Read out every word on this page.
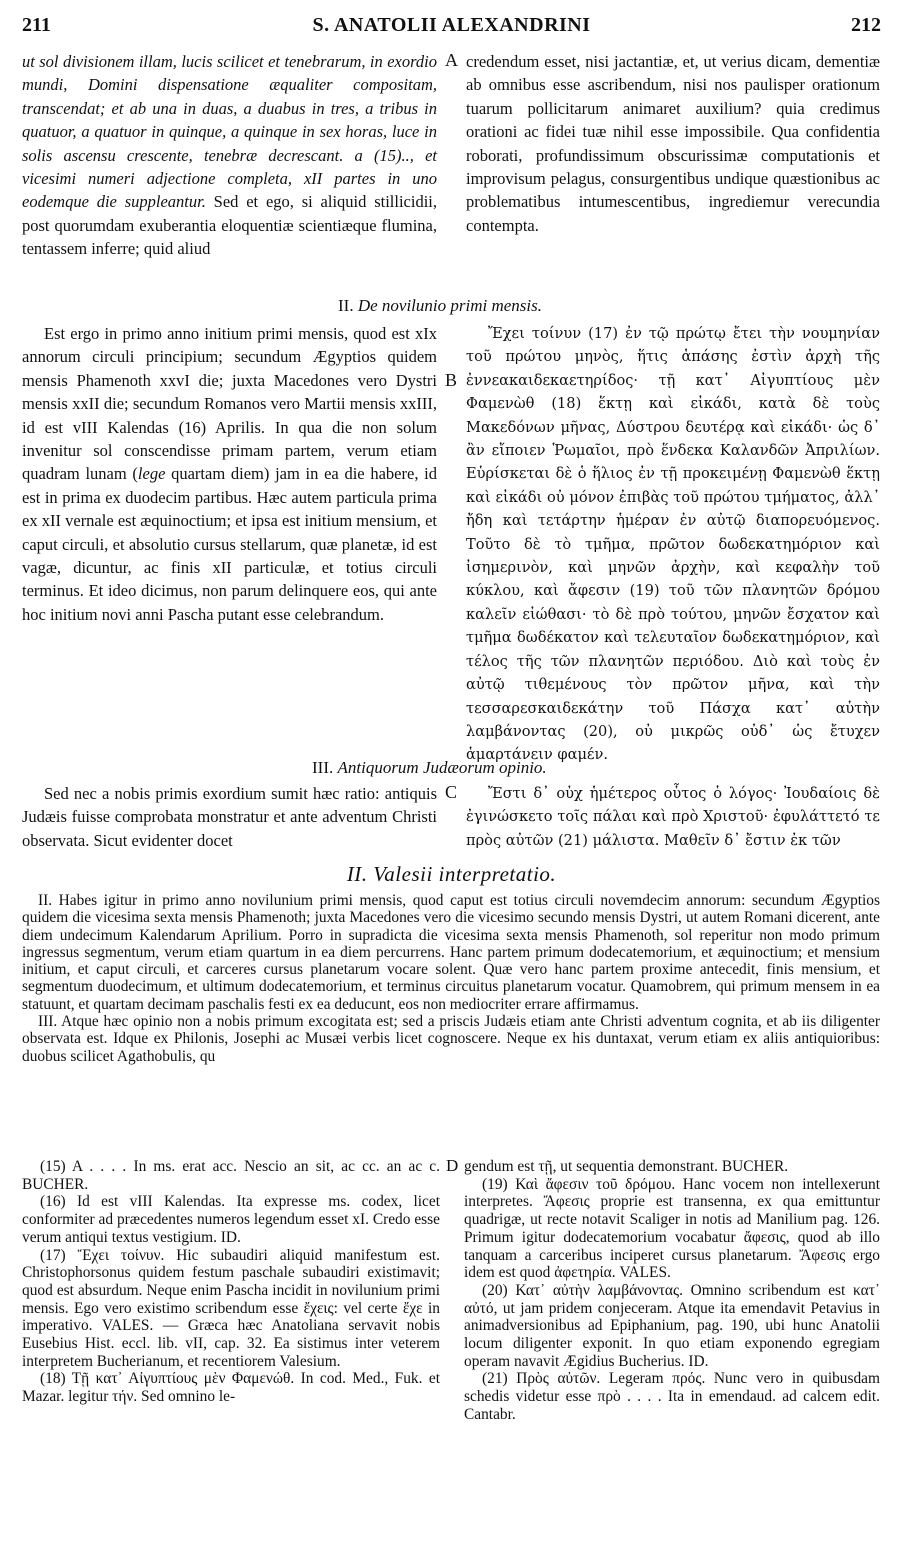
211	S. ANATOLII ALEXANDRINI	212

ut sol divisionem illam, lucis scilicet et tenebrarum, in exordio mundi, Domini dispensatione æqualiter compositam, transcendat; et ab una in duas, a duabus in tres, a tribus in quatuor, a quatuor in quinque, a quinque in sex horas, luce in solis ascensu crescente, tenebræ decrescant. a (15).., et vicesimi numeri adjectione completa, xII partes in uno eodemque die suppleantur. Sed et ego, si aliquid stillicidii, post quorumdam exuberantia eloquentiæ scientiæque flumina, tentassem inferre; quid aliud

A credendum esset, nisi jactantiæ, et, ut verius dicam, dementiæ ab omnibus esse ascribendum, nisi nos paulisper orationum tuarum pollicitarum animaret auxilium? quia credimus orationi ac fidei tuæ nihil esse impossibile. Qua confidentia roborati, profundissimum obscurissimæ computationis et improvisum pelagus, consurgentibus undique quæstionibus ac problematibus intumescentibus, ingrediemur verecundia contempta.

II. De novilunio primi mensis.

Est ergo in primo anno initium primi mensis, quod est xIx annorum circuli principium; secundum Ægyptios quidem mensis Phamenoth xxvI die; juxta Macedones vero Dystri mensis xxII die; secundum Romanos vero Martii mensis xxIII, id est vIII Kalendas (16) Aprilis. In qua die non solum invenitur sol conscendisse primam partem, verum etiam quadram lunam (lege quartam diem) jam in ea die habere, id est in prima ex duodecim partibus. Hæc autem particula prima ex xII vernale est æquinoctium; et ipsa est initium mensium, et caput circuli, et absolutio cursus stellarum, quæ planetæ, id est vagæ, dicuntur, ac finis xII particulæ, et totius circuli terminus. Et ideo dicimus, non parum delinquere eos, qui ante hoc initium novi anni Pascha putant esse celebrandum.

B

Ἔχει τοίνυν (17) ἐν τῷ πρώτῳ ἔτει τὴν νουμηνίαν τοῦ πρώτου μηνὸς, ἥτις ἁπάσης ἐστὶν ἀρχὴ τῆς ἐννεακαιδεκαετηρίδος· τῇ κατ᾽ Αἰγυπτίους μὲν Φαμενὼθ (18) ἕκτῃ καὶ εἰκάδι, κατὰ δὲ τοὺς Μακεδόνων μῆνας, Δύστρου δευτέρᾳ καὶ εἰκάδι· ὡς δ᾽ ἂν εἴποιεν Ῥωμαῖοι, πρὸ ἕνδεκα Καλανδῶν Ἀπριλίων. Εὑρίσκεται δὲ ὁ ἥλιος ἐν τῇ προκειμένῃ Φαμενὼθ ἕκτῃ καὶ εἰκάδι οὐ μόνον ἐπιβὰς τοῦ πρώτου τμήματος, ἀλλ᾽ ἤδη καὶ τετάρτην ἡμέραν ἐν αὐτῷ διαπορευόμενος. Τοῦτο δὲ τὸ τμῆμα, πρῶτον δωδεκατημόριον καὶ ἰσημερινὸν, καὶ μηνῶν ἀρχὴν, καὶ κεφαλὴν τοῦ κύκλου, καὶ ἄφεσιν (19) τοῦ τῶν πλανητῶν δρόμου καλεῖν εἰώθασι· τὸ δὲ πρὸ τούτου, μηνῶν ἔσχατον καὶ τμῆμα δωδέκατον καὶ τελευταῖον δωδεκατημόριον, καὶ τέλος τῆς τῶν πλανητῶν περιόδου. Διὸ καὶ τοὺς ἐν αὐτῷ τιθεμένους τὸν πρῶτον μῆνα, καὶ τὴν τεσσαρεσκαιδεκάτην τοῦ Πάσχα κατ᾽ αὐτὴν λαμβάνοντας (20), οὐ μικρῶς οὐδ᾽ ὡς ἔτυχεν ἁμαρτάνειν φαμέν.

III. Antiquorum Judæorum opinio.

Sed nec a nobis primis exordium sumit hæc ratio: antiquis Judæis fuisse comprobata monstratur et ante adventum Christi observata. Sicut evidenter docet

C	Ἔστι δ᾽ οὐχ ἡμέτερος οὗτος ὁ λόγος· Ἰουδαίοις δὲ ἐγινώσκετο τοῖς πάλαι καὶ πρὸ Χριστοῦ· ἐφυλάττετό τε πρὸς αὐτῶν (21) μάλιστα. Μαθεῖν δ᾽ ἔστιν ἐκ τῶν

II. Valesii interpretatio.

II. Habes igitur in primo anno novilunium primi mensis, quod caput est totius circuli novemdecim annorum: secundum Ægyptios quidem die vicesima sexta mensis Phamenoth; juxta Macedones vero die vicesimo secundo mensis Dystri, ut autem Romani dicerent, ante diem undecimum Kalendarum Aprilium. Porro in supradicta die vicesima sexta mensis Phamenoth, sol reperitur non modo primum ingressus segmentum, verum etiam quartum in ea diem percurrens. Hanc partem primum dodecatemorium, et æquinoctium; et mensium initium, et caput circuli, et carceres cursus planetarum vocare solent. Quæ vero hanc partem proxime antecedit, finis mensium, et segmentum duodecimum, et ultimum dodecatemorium, et terminus circuitus planetarum vocatur. Quamobrem, qui primum mensem in ea statuunt, et quartam decimam paschalis festi ex ea deducunt, eos non mediocriter errare affirmamus.

III. Atque hæc opinio non a nobis primum excogitata est; sed a priscis Judæis etiam ante Christi adventum cognita, et ab iis diligenter observata est. Idque ex Philonis, Josephi ac Musæi verbis licet cognoscere. Neque ex his duntaxat, verum etiam ex aliis antiquioribus: duobus scilicet Agathobulis, qu

(15) A . . . . In ms. erat acc. Nescio an sit, ac cc. an ac c. BUCHER.

(16) Id est vIII Kalendas. Ita expresse ms. codex, licet conformiter ad præcedentes numeros legendum esset xI. Credo esse verum antiqui textus vestigium. ID.

(17) Ἔχει τοίνυν. Hic subaudiri aliquid manifestum est. Christophorsonus quidem festum paschale subaudiri existimavit; quod est absurdum. Neque enim Pascha incidit in novilunium primi mensis. Ego vero existimo scribendum esse ἔχεις: vel certe ἔχε in imperativo. VALES. — Græca hæc Anatoliana servavit nobis Eusebius Hist. eccl. lib. vII, cap. 32. Ea sistimus inter veterem interpretem Bucherianum, et recentiorem Valesium.

(18) Τῇ κατ᾽ Αἰγυπτίους μὲν Φαμενώθ. In cod. Med., Fuk. et Mazar. legitur τήν. Sed omnino le-

D gendum est τῇ, ut sequentia demonstrant. BUCHER.

(19) Καὶ ἄφεσιν τοῦ δρόμου. Hanc vocem non intellexerunt interpretes. Ἄφεσις proprie est transenna, ex qua emittuntur quadrigæ, ut recte notavit Scaliger in notis ad Manilium pag. 126. Primum igitur dodecatemorium vocabatur ἄφεσις, quod ab illo tanquam a carceribus inciperet cursus planetarum. Ἄφεσις ergo idem est quod ἀφετηρία. VALES.

(20) Κατ᾽ αὐτὴν λαμβάνοντας. Omnino scribendum est κατ᾽ αὐτό, ut jam pridem conjeceram. Atque ita emendavit Petavius in animadversionibus ad Epiphanium, pag. 190, ubi hunc Anatolii locum diligenter exponit. In quo etiam exponendo egregiam operam navavit Ægidius Bucherius. ID.

(21) Πρὸς αὐτῶν. Legeram πρός. Nunc vero in quibusdam schedis videtur esse πρὸ . . . . Ita in emendaud. ad calcem edit. Cantabr.
